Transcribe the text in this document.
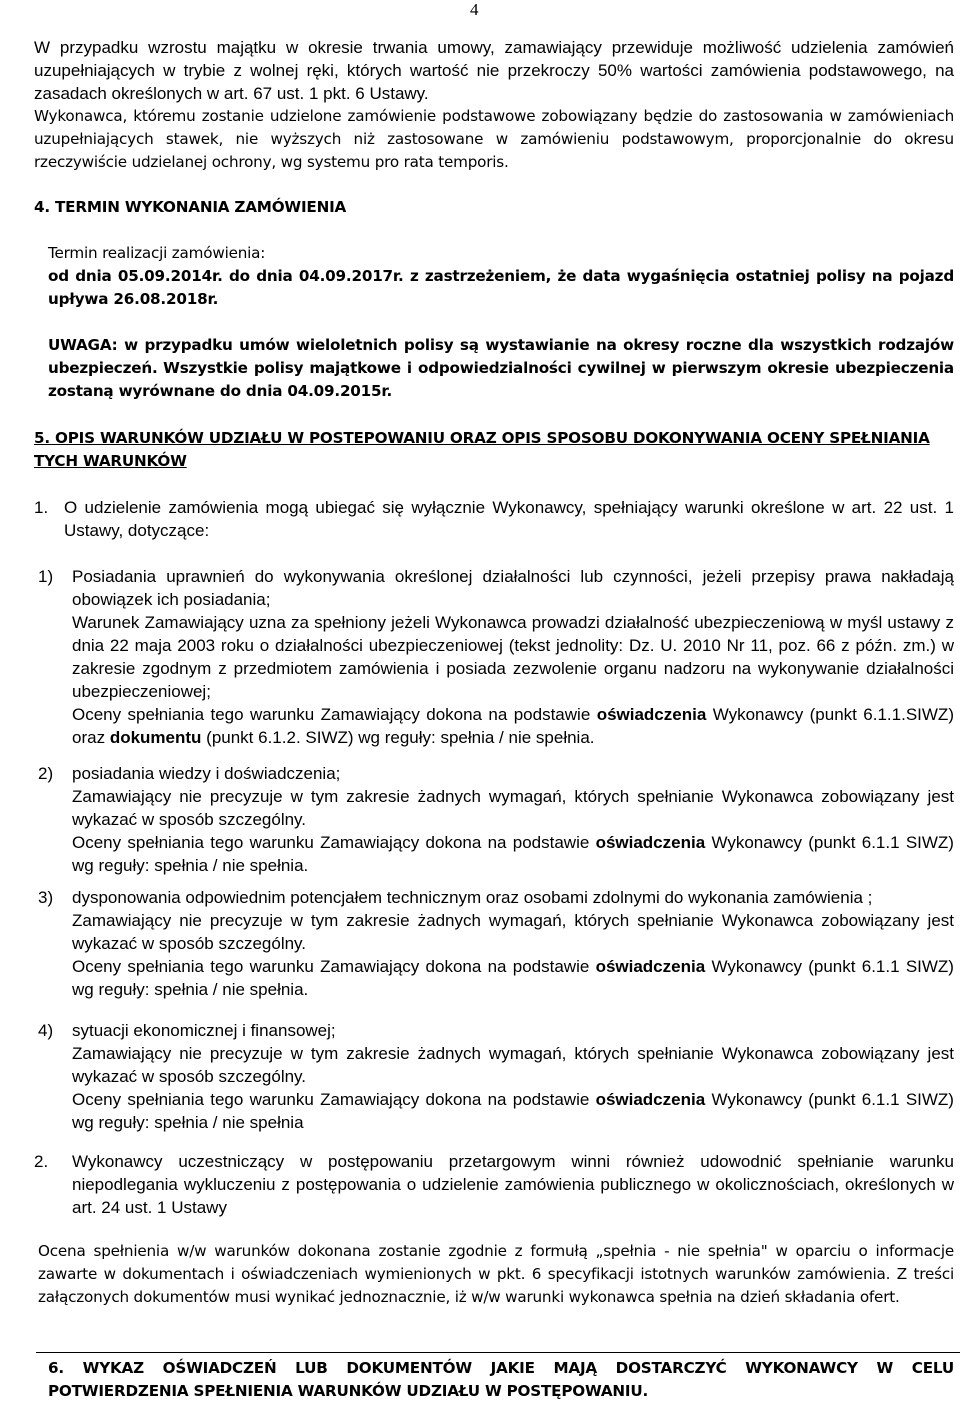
4
W przypadku wzrostu majątku w okresie trwania umowy, zamawiający przewiduje możliwość udzielenia zamówień uzupełniających w trybie z wolnej ręki, których wartość nie przekroczy 50% wartości zamówienia podstawowego, na zasadach określonych w art. 67 ust. 1 pkt. 6 Ustawy.
Wykonawca, któremu zostanie udzielone zamówienie podstawowe zobowiązany będzie do zastosowania w zamówieniach uzupełniających stawek, nie wyższych niż zastosowane w zamówieniu podstawowym, proporcjonalnie do okresu rzeczywiście udzielanej ochrony, wg systemu pro rata temporis.
4. TERMIN WYKONANIA ZAMÓWIENIA
Termin realizacji zamówienia:
od dnia 05.09.2014r. do dnia 04.09.2017r. z zastrzeżeniem, że data wygaśnięcia ostatniej polisy na pojazd upływa 26.08.2018r.
UWAGA: w przypadku umów wieloletnich polisy są wystawianie na okresy roczne dla wszystkich rodzajów ubezpieczeń. Wszystkie polisy majątkowe i odpowiedzialności cywilnej w pierwszym okresie ubezpieczenia zostaną wyrównane do dnia 04.09.2015r.
5. OPIS WARUNKÓW UDZIAŁU W POSTEPOWANIU ORAZ OPIS SPOSOBU DOKONYWANIA OCENY SPEŁNIANIA TYCH WARUNKÓW
1. O udzielenie zamówienia mogą ubiegać się wyłącznie Wykonawcy, spełniający warunki określone w art. 22 ust. 1 Ustawy, dotyczące:
1) Posiadania uprawnień do wykonywania określonej działalności lub czynności, jeżeli przepisy prawa nakładają obowiązek ich posiadania;
Warunek Zamawiający uzna za spełniony jeżeli Wykonawca prowadzi działalność ubezpieczeniową w myśl ustawy z dnia 22 maja 2003 roku o działalności ubezpieczeniowej (tekst jednolity: Dz. U. 2010 Nr 11, poz. 66 z późn. zm.) w zakresie zgodnym z przedmiotem zamówienia i posiada zezwolenie organu nadzoru na wykonywanie działalności ubezpieczeniowej;
Oceny spełniania tego warunku Zamawiający dokona na podstawie oświadczenia Wykonawcy (punkt 6.1.1.SIWZ) oraz dokumentu (punkt 6.1.2. SIWZ) wg reguły: spełnia / nie spełnia.
2) posiadania wiedzy i doświadczenia;
Zamawiający nie precyzuje w tym zakresie żadnych wymagań, których spełnianie Wykonawca zobowiązany jest wykazać w sposób szczególny.
Oceny spełniania tego warunku Zamawiający dokona na podstawie oświadczenia Wykonawcy (punkt 6.1.1 SIWZ) wg reguły: spełnia / nie spełnia.
3) dysponowania odpowiednim potencjałem technicznym oraz osobami zdolnymi do wykonania zamówienia ;
Zamawiający nie precyzuje w tym zakresie żadnych wymagań, których spełnianie Wykonawca zobowiązany jest wykazać w sposób szczególny.
Oceny spełniania tego warunku Zamawiający dokona na podstawie oświadczenia Wykonawcy (punkt 6.1.1 SIWZ) wg reguły: spełnia / nie spełnia.
4) sytuacji ekonomicznej i finansowej;
Zamawiający nie precyzuje w tym zakresie żadnych wymagań, których spełnianie Wykonawca zobowiązany jest wykazać w sposób szczególny.
Oceny spełniania tego warunku Zamawiający dokona na podstawie oświadczenia Wykonawcy (punkt 6.1.1 SIWZ) wg reguły: spełnia / nie spełnia
2. Wykonawcy uczestniczący w postępowaniu przetargowym winni również udowodnić spełnianie warunku niepodlegania wykluczeniu z postępowania o udzielenie zamówienia publicznego w okolicznościach, określonych w art. 24 ust. 1 Ustawy
Ocena spełnienia w/w warunków dokonana zostanie zgodnie z formułą „spełnia - nie spełnia" w oparciu o informacje zawarte w dokumentach i oświadczeniach wymienionych w pkt. 6 specyfikacji istotnych warunków zamówienia. Z treści załączonych dokumentów musi wynikać jednoznacznie, iż w/w warunki wykonawca spełnia na dzień składania ofert.
6. WYKAZ OŚWIADCZEŃ LUB DOKUMENTÓW JAKIE MAJĄ DOSTARCZYĆ WYKONAWCY W CELU POTWIERDZENIA SPEŁNIENIA WARUNKÓW UDZIAŁU W POSTĘPOWANIU.
